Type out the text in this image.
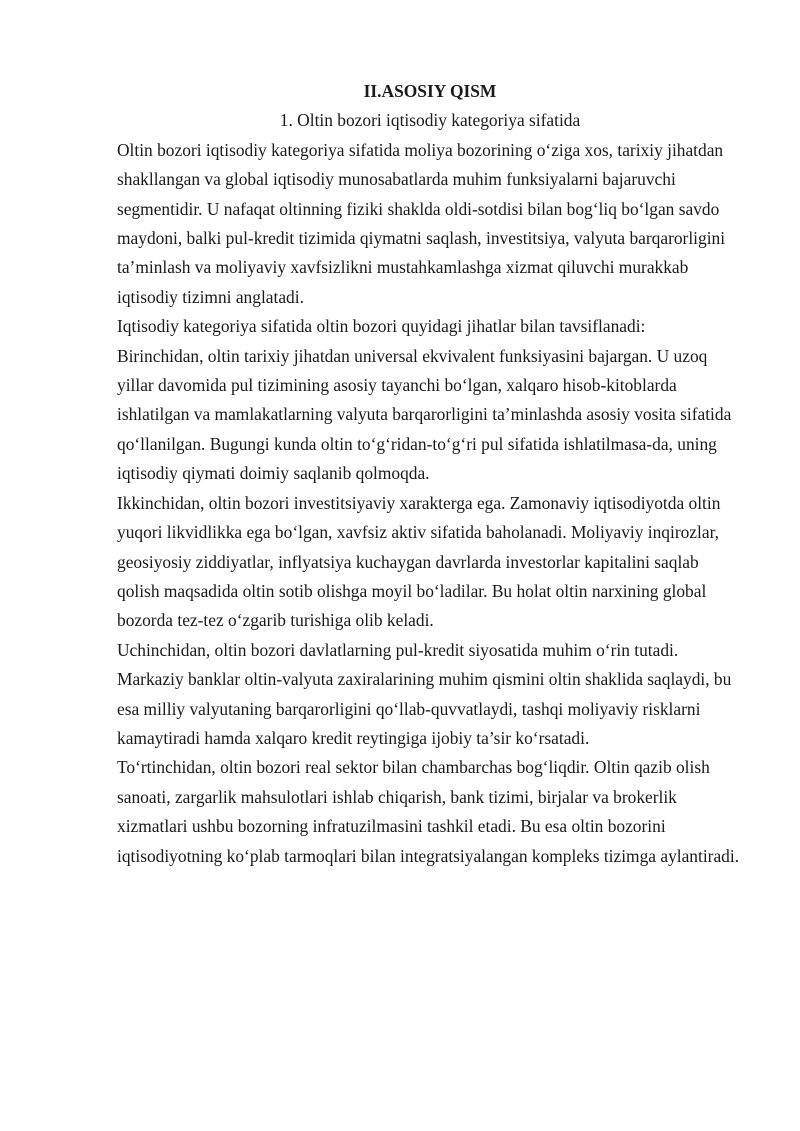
II.ASOSIY QISM

1. Oltin bozori iqtisodiy kategoriya sifatida

Oltin bozori iqtisodiy kategoriya sifatida moliya bozorining o‘ziga xos, tarixiy jihatdan shakllangan va global iqtisodiy munosabatlarda muhim funksiyalarni bajaruvchi segmentidir. U nafaqat oltinning fiziki shaklda oldi-sotdisi bilan bog‘liq bo‘lgan savdo maydoni, balki pul-kredit tizimida qiymatni saqlash, investitsiya, valyuta barqarorligini ta’minlash va moliyaviy xavfsizlikni mustahkamlashga xizmat qiluvchi murakkab iqtisodiy tizimni anglatadi.

Iqtisodiy kategoriya sifatida oltin bozori quyidagi jihatlar bilan tavsiflanadi:

Birinchidan, oltin tarixiy jihatdan universal ekvivalent funksiyasini bajargan. U uzoq yillar davomida pul tizimining asosiy tayanchi bo‘lgan, xalqaro hisob-kitoblarda ishlatilgan va mamlakatlarning valyuta barqarorligini ta’minlashda asosiy vosita sifatida qo‘llanilgan. Bugungi kunda oltin to‘g‘ridan-to‘g‘ri pul sifatida ishlatilmasa-da, uning iqtisodiy qiymati doimiy saqlanib qolmoqda.

Ikkinchidan, oltin bozori investitsiyaviy xarakterga ega. Zamonaviy iqtisodiyotda oltin yuqori likvidlikka ega bo‘lgan, xavfsiz aktiv sifatida baholanadi. Moliyaviy inqirozlar, geosiyosiy ziddiyatlar, inflyatsiya kuchaygan davrlarda investorlar kapitalini saqlab qolish maqsadida oltin sotib olishga moyil bo‘ladilar. Bu holat oltin narxining global bozorda tez-tez o‘zgarib turishiga olib keladi.

Uchinchidan, oltin bozori davlatlarning pul-kredit siyosatida muhim o‘rin tutadi. Markaziy banklar oltin-valyuta zaxiralarining muhim qismini oltin shaklida saqlaydi, bu esa milliy valyutaning barqarorligini qo‘llab-quvvatlaydi, tashqi moliyaviy risklarni kamaytiradi hamda xalqaro kredit reytingiga ijobiy ta’sir ko‘rsatadi.

To‘rtinchidan, oltin bozori real sektor bilan chambarchas bog‘liqdir. Oltin qazib olish sanoati, zargarlik mahsulotlari ishlab chiqarish, bank tizimi, birjalar va brokerlik xizmatlari ushbu bozorning infratuzilmasini tashkil etadi. Bu esa oltin bozorini iqtisodiyotning ko‘plab tarmoqlari bilan integratsiyalangan kompleks tizimga aylantiradi.
